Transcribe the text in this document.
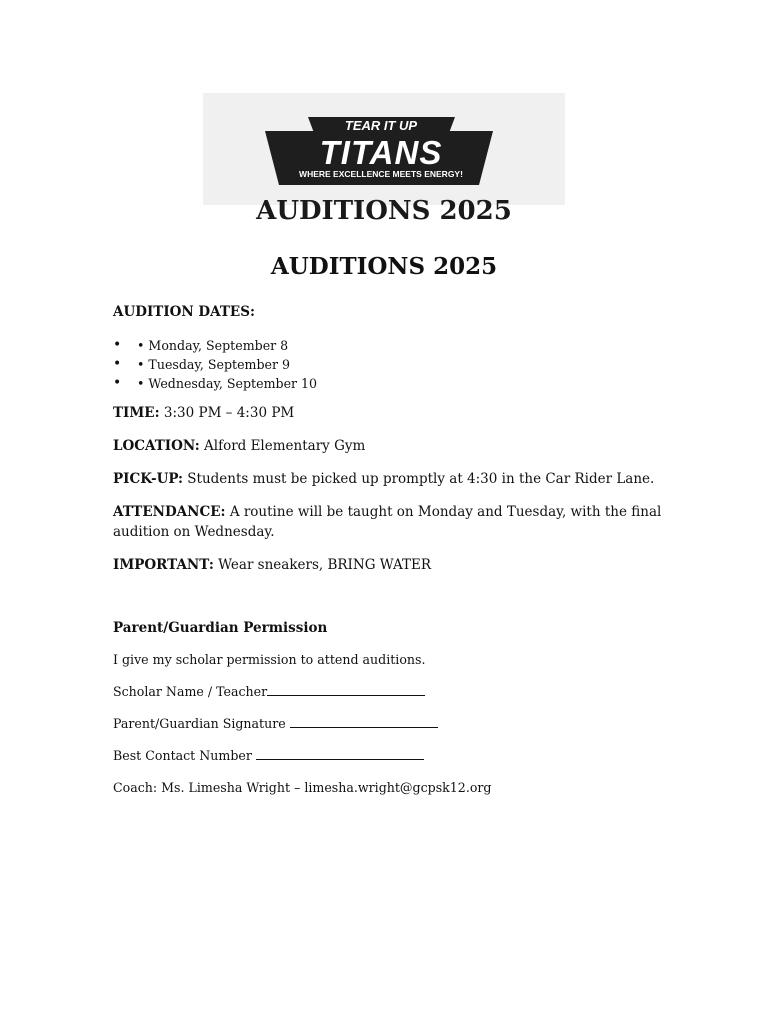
TEAR IT UP
TITANS
WHERE EXCELLENCE MEETS ENERGY!
AUDITIONS 2025
AUDITIONS 2025
AUDITION DATES:
• • Monday, September 8
• • Tuesday, September 9
• • Wednesday, September 10

TIME: 3:30 PM – 4:30 PM

LOCATION: Alford Elementary Gym

PICK-UP: Students must be picked up promptly at 4:30 in the Car Rider Lane.

ATTENDANCE: A routine will be taught on Monday and Tuesday, with the final audition on Wednesday.

IMPORTANT: Wear sneakers, BRING WATER

Parent/Guardian Permission

I give my scholar permission to attend auditions.

Scholar Name / Teacher

Parent/Guardian Signature

Best Contact Number

Coach: Ms. Limesha Wright – limesha.wright@gcpsk12.org
